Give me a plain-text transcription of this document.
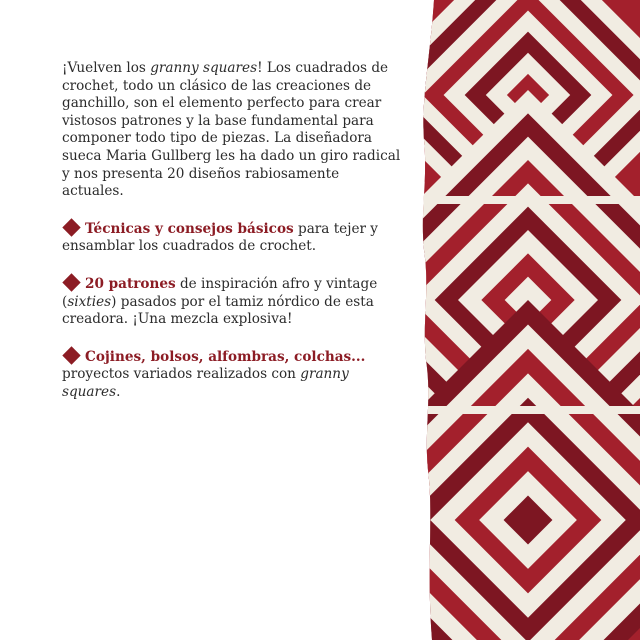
¡Vuelven los granny squares! Los cuadrados de crochet, todo un clásico de las creaciones de ganchillo, son el elemento perfecto para crear vistosos patrones y la base fundamental para componer todo tipo de piezas. La diseñadora sueca Maria Gullberg les ha dado un giro radical y nos presenta 20 diseños rabiosamente actuales.

Técnicas y consejos básicos para tejer y ensamblar los cuadrados de crochet.

20 patrones de inspiración afro y vintage (sixties) pasados por el tamiz nórdico de esta creadora. ¡Una mezcla explosiva!

Cojines, bolsos, alfombras, colchas... proyectos variados realizados con granny squares.
